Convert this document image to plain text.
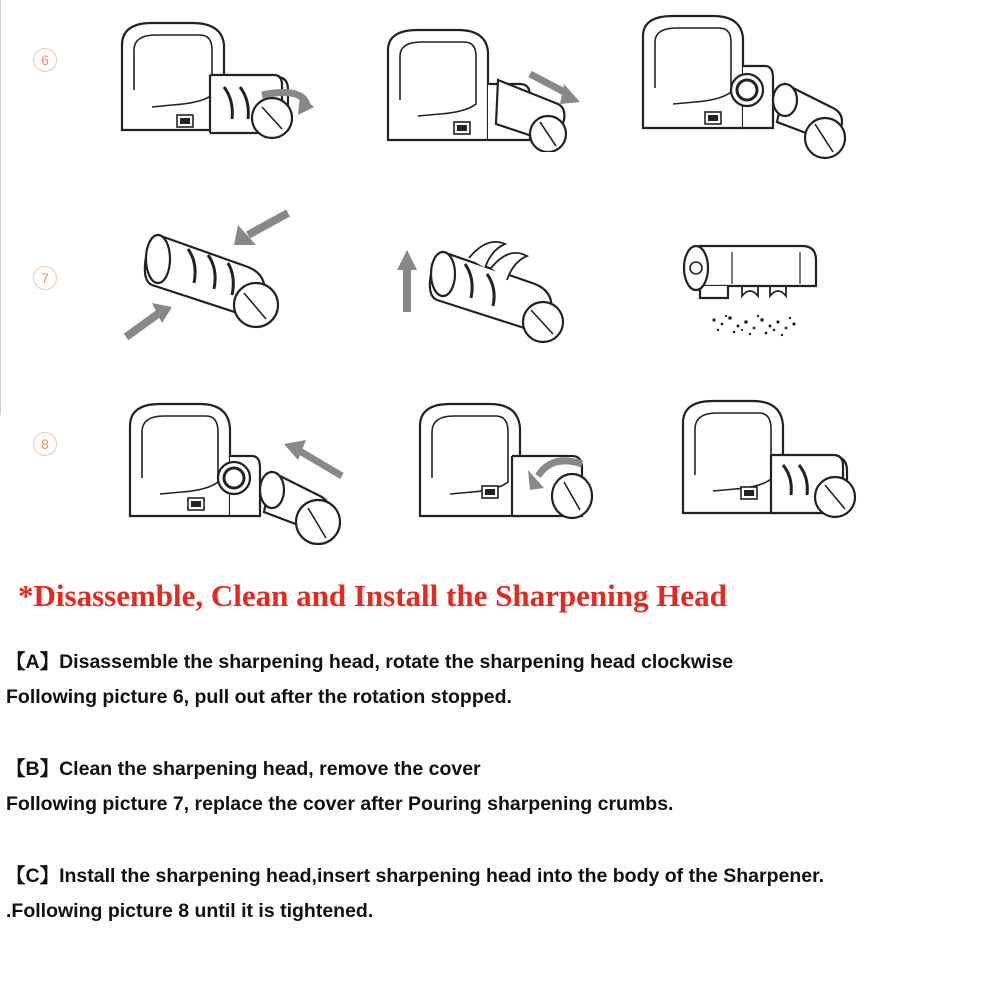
6
7
8
*Disassemble, Clean and Install the Sharpening Head

【A】Disassemble the sharpening head, rotate the sharpening head clockwise
Following picture 6, pull out after the rotation stopped.

【B】Clean the sharpening head, remove the cover
Following picture 7, replace the cover after Pouring sharpening crumbs.

【C】Install the sharpening head,insert sharpening head into the body of the Sharpener.
.Following picture 8 until it is tightened.
